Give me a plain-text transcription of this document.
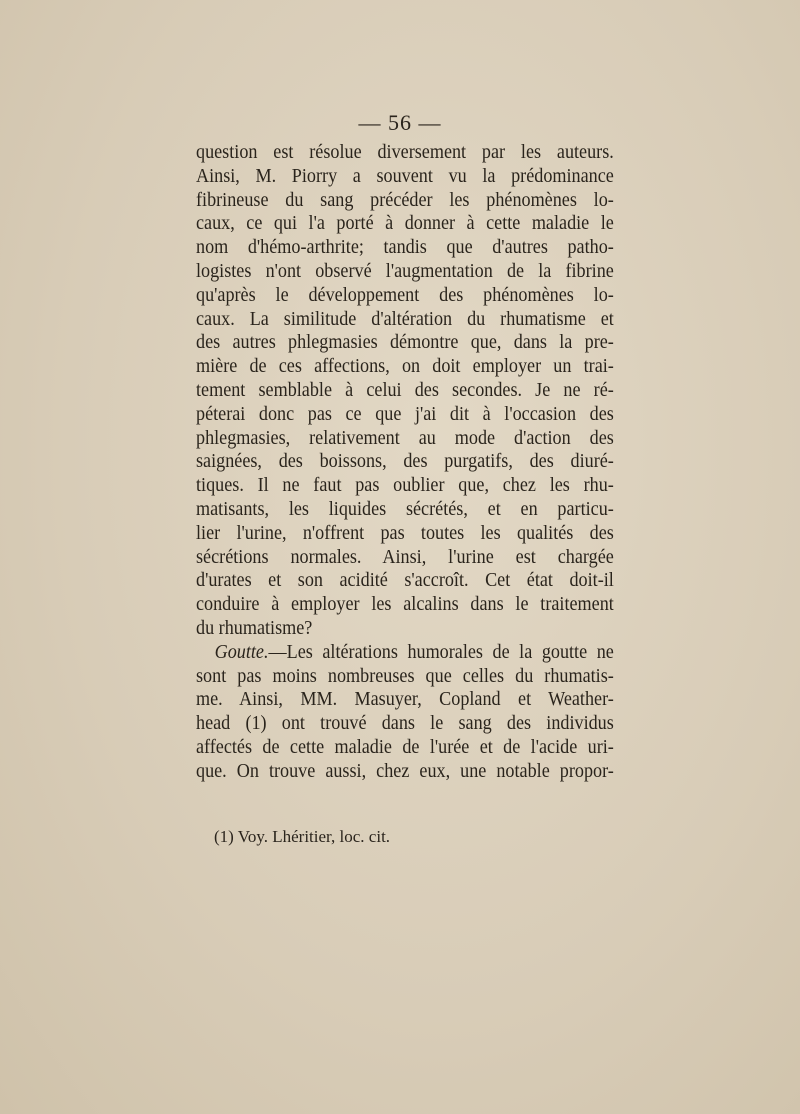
— 56 —
question est résolue diversement par les auteurs.
Ainsi, M. Piorry a souvent vu la prédominance
fibrineuse du sang précéder les phénomènes lo-
caux, ce qui l'a porté à donner à cette maladie le
nom d'hémo-arthrite; tandis que d'autres patho-
logistes n'ont observé l'augmentation de la fibrine
qu'après le développement des phénomènes lo-
caux. La similitude d'altération du rhumatisme et
des autres phlegmasies démontre que, dans la pre-
mière de ces affections, on doit employer un trai-
tement semblable à celui des secondes. Je ne ré-
péterai donc pas ce que j'ai dit à l'occasion des
phlegmasies, relativement au mode d'action des
saignées, des boissons, des purgatifs, des diuré-
tiques. Il ne faut pas oublier que, chez les rhu-
matisants, les liquides sécrétés, et en particu-
lier l'urine, n'offrent pas toutes les qualités des
sécrétions normales. Ainsi, l'urine est chargée
d'urates et son acidité s'accroît. Cet état doit-il
conduire à employer les alcalins dans le traitement
du rhumatisme?
Goutte.—Les altérations humorales de la goutte ne
sont pas moins nombreuses que celles du rhumatis-
me. Ainsi, MM. Masuyer, Copland et Weather-
head (1) ont trouvé dans le sang des individus
affectés de cette maladie de l'urée et de l'acide uri-
que. On trouve aussi, chez eux, une notable propor-
(1) Voy. Lhéritier, loc. cit.
